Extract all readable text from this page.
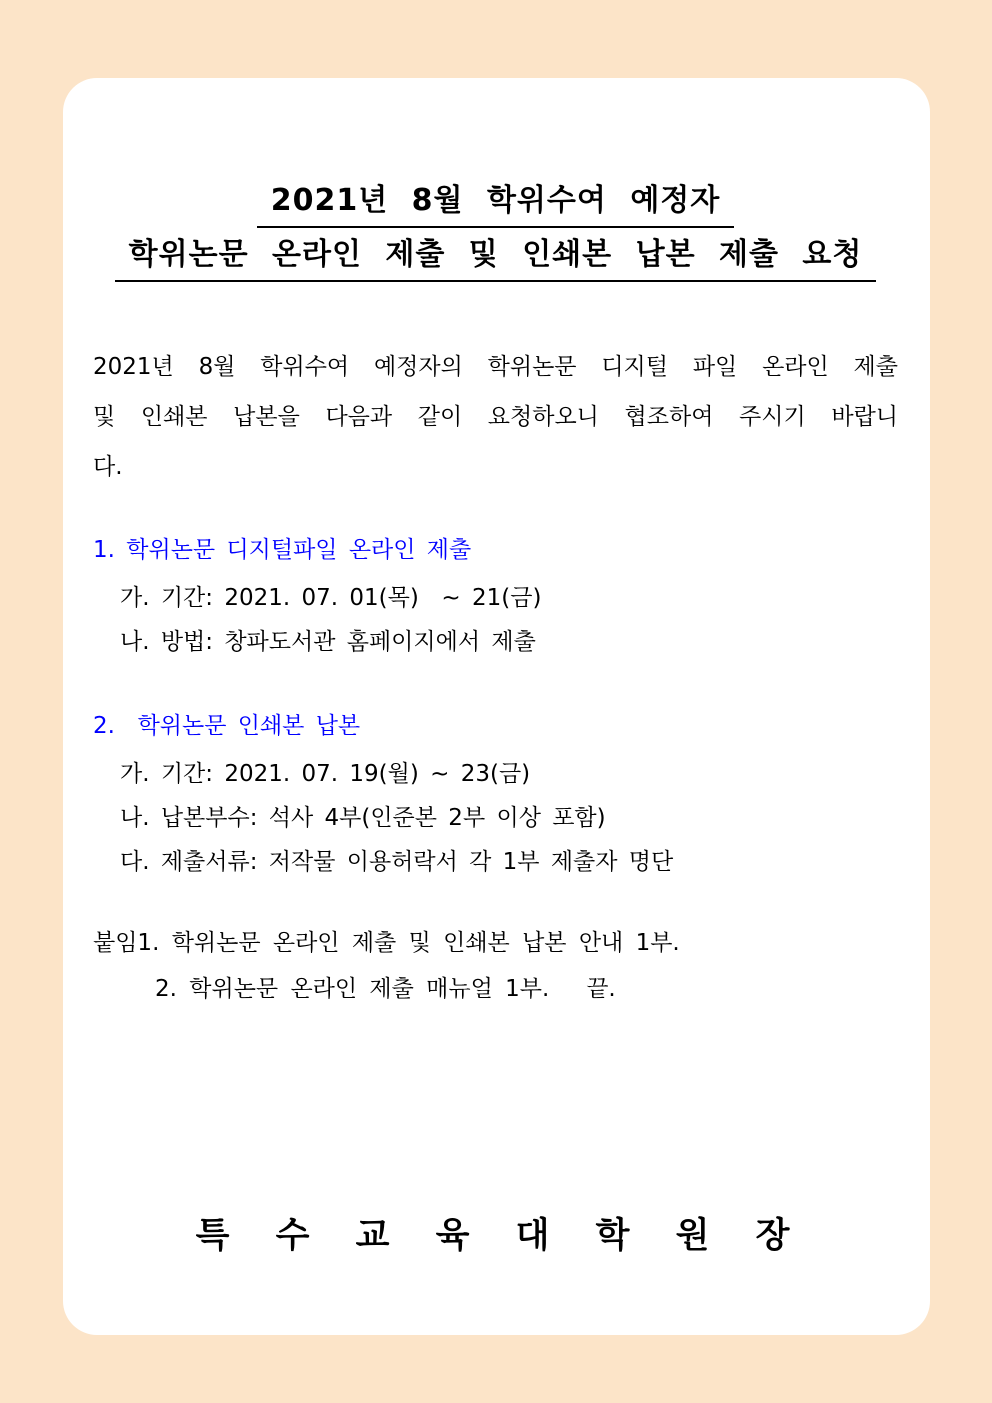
2021년 8월 학위수여 예정자
학위논문 온라인 제출 및 인쇄본 납본 제출 요청
2021년 8월 학위수여 예정자의 학위논문 디지털 파일 온라인 제출
및 인쇄본 납본을 다음과 같이 요청하오니 협조하여 주시기 바랍니
다.
1. 학위논문 디지털파일 온라인 제출
가. 기간: 2021. 07. 01(목)  ~ 21(금)
나. 방법: 창파도서관 홈페이지에서 제출
2.  학위논문 인쇄본 납본
가. 기간: 2021. 07. 19(월) ~ 23(금)
나. 납본부수: 석사 4부(인준본 2부 이상 포함)
다. 제출서류: 저작물 이용허락서 각 1부 제출자 명단
붙임1. 학위논문 온라인 제출 및 인쇄본 납본 안내 1부.
2. 학위논문 온라인 제출 매뉴얼 1부.   끝.
특 수 교 육 대 학 원 장
